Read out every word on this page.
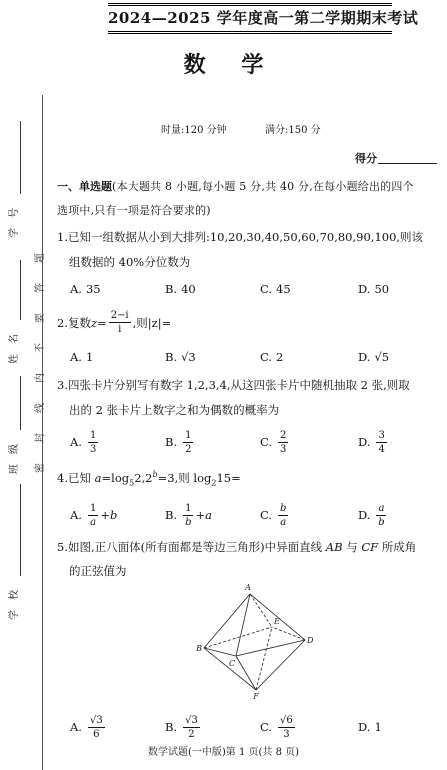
2024—2025 学年度高一第二学期期末考试
数 学
时量:120 分钟	满分:150 分
得分
密封线内不要答题
学号
姓名
班级
学校
一、单选题(本大题共 8 小题,每小题 5 分,共 40 分,在每小题给出的四个
选项中,只有一项是符合要求的)
1.已知一组数据从小到大排列:10,20,30,40,50,60,70,80,90,100,则该
组数据的 40%分位数为
A. 35	B. 40	C. 45	D. 50
2.复数 $z = \frac{2-i}{i}$ ,则|z|=
A. 1	B. √3	C. 2	D. √5
3.四张卡片分别写有数字 1,2,3,4,从这四张卡片中随机抽取 2 张,则取
出的 2 张卡片上数字之和为偶数的概率为
A. $\frac{1}{3}$	B. $\frac{1}{2}$	C. $\frac{2}{3}$	D. $\frac{3}{4}$
4.已知 $a=\log_52,2^b=3$,则 $\log_215=$
A. $\frac{1}{a} + b$	B. $\frac{1}{b} + a$	C. $\frac{b}{a}$	D. $\frac{a}{b}$
5.如图,正八面体(所有面都是等边三角形)中异面直线 AB 与 CF 所成角
的正弦值为
A
B
C
D
E
F
A. $\frac{√3}{6}$	B. $\frac{√3}{2}$	C. $\frac{√6}{3}$	D. 1
数学试题(一中版)第 1 页(共 8 页)
